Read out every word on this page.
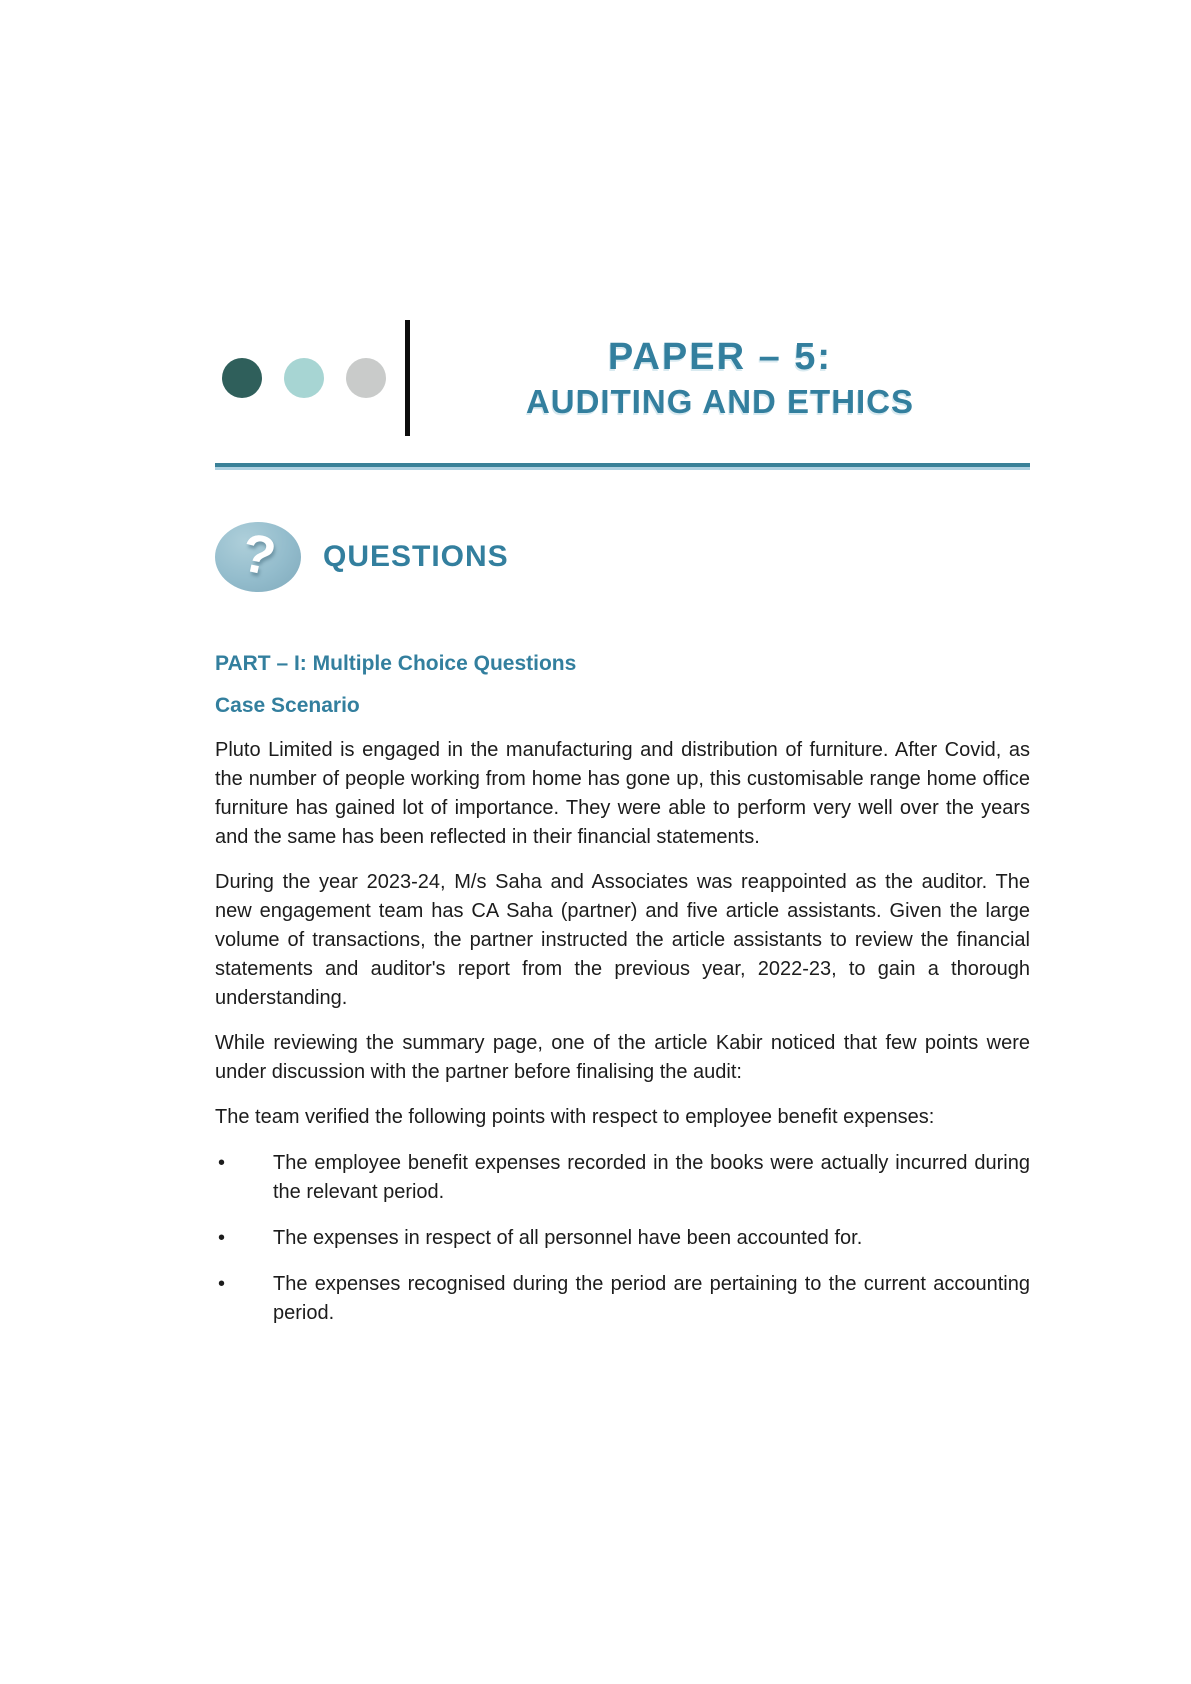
PAPER – 5:
AUDITING AND ETHICS
? QUESTIONS
PART – I: Multiple Choice Questions
Case Scenario

Pluto Limited is engaged in the manufacturing and distribution of furniture. After Covid, as the number of people working from home has gone up, this customisable range home office furniture has gained lot of importance. They were able to perform very well over the years and the same has been reflected in their financial statements.

During the year 2023-24, M/s Saha and Associates was reappointed as the auditor. The new engagement team has CA Saha (partner) and five article assistants. Given the large volume of transactions, the partner instructed the article assistants to review the financial statements and auditor's report from the previous year, 2022-23, to gain a thorough understanding.

While reviewing the summary page, one of the article Kabir noticed that few points were under discussion with the partner before finalising the audit:

The team verified the following points with respect to employee benefit expenses:

• The employee benefit expenses recorded in the books were actually incurred during the relevant period.
• The expenses in respect of all personnel have been accounted for.
• The expenses recognised during the period are pertaining to the current accounting period.
